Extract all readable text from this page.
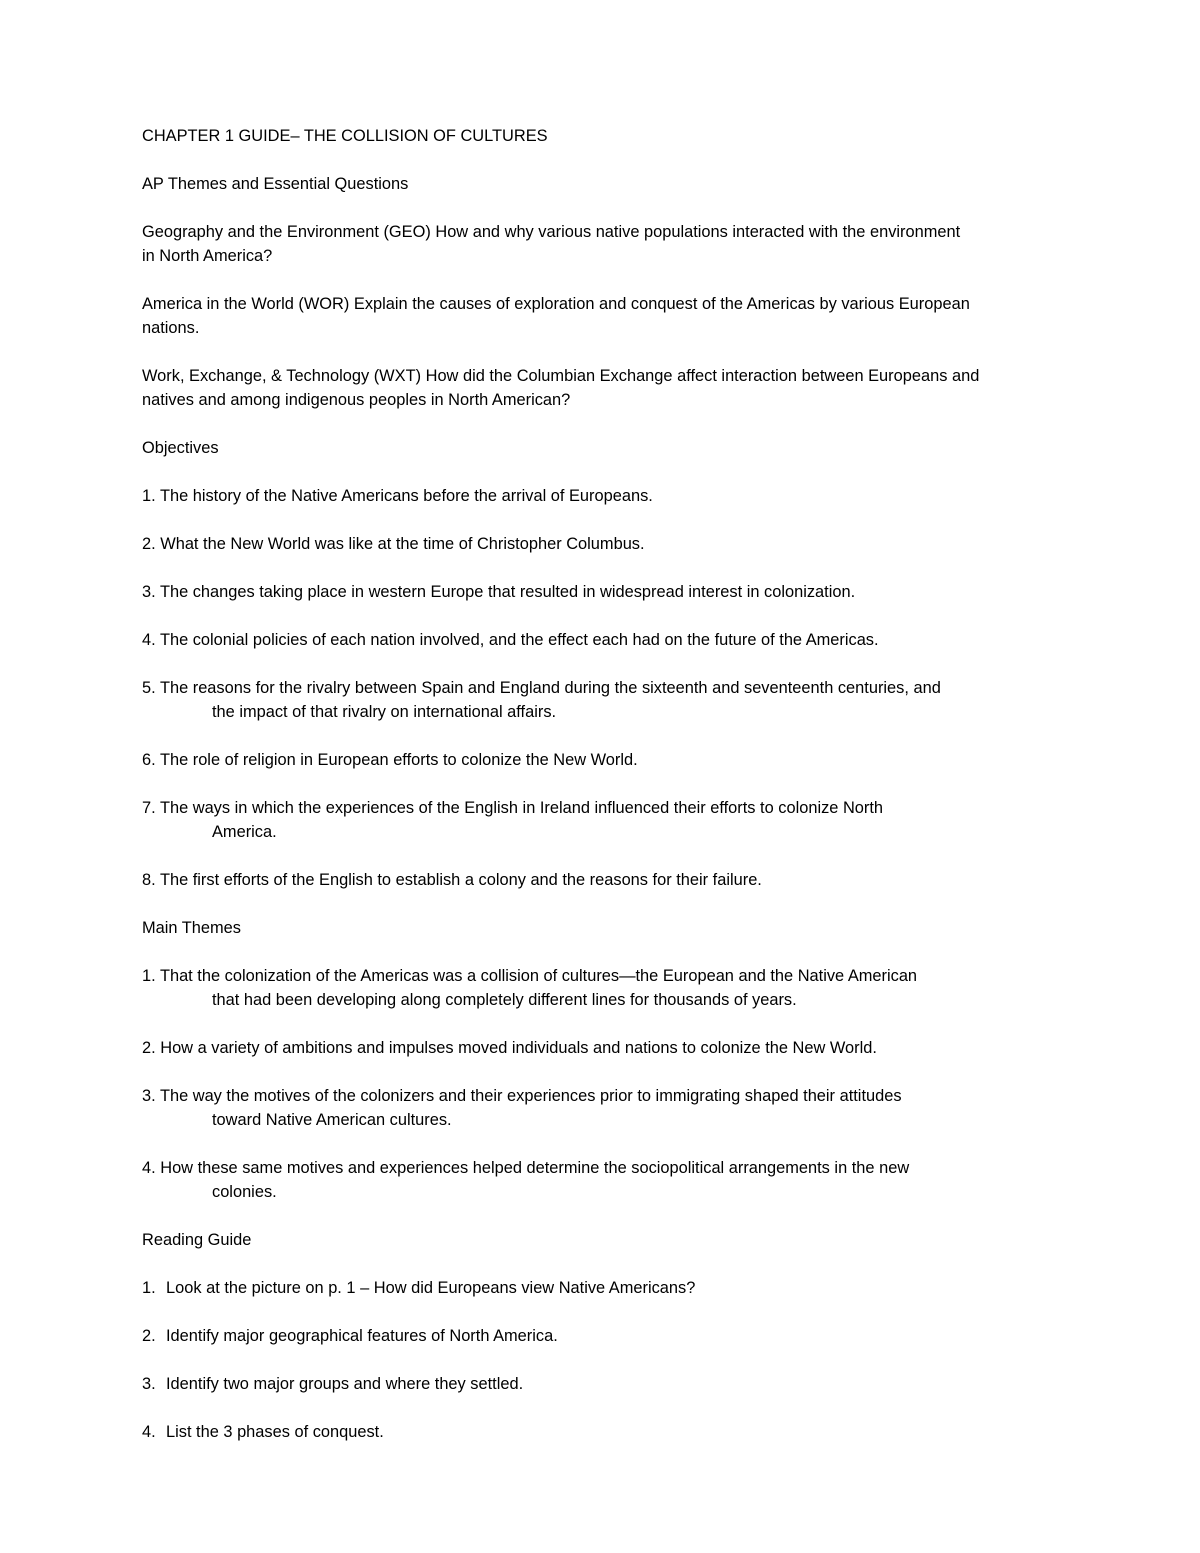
CHAPTER 1 GUIDE– THE COLLISION OF CULTURES

AP Themes and Essential Questions

Geography and the Environment (GEO) How and why various native populations interacted with the environment
in North America?
America in the World (WOR) Explain the causes of exploration and conquest of the Americas by various European
nations.
Work, Exchange, & Technology (WXT) How did the Columbian Exchange affect interaction between Europeans and
natives and among indigenous peoples in North American?

Objectives

1. The history of the Native Americans before the arrival of Europeans.
2. What the New World was like at the time of Christopher Columbus.
3. The changes taking place in western Europe that resulted in widespread interest in colonization.
4. The colonial policies of each nation involved, and the effect each had on the future of the Americas.
5. The reasons for the rivalry between Spain and England during the sixteenth and seventeenth centuries, and
the impact of that rivalry on international affairs.
6. The role of religion in European efforts to colonize the New World.
7. The ways in which the experiences of the English in Ireland influenced their efforts to colonize North
America.
8. The first efforts of the English to establish a colony and the reasons for their failure.

Main Themes

1. That the colonization of the Americas was a collision of cultures—the European and the Native American
that had been developing along completely different lines for thousands of years.
2. How a variety of ambitions and impulses moved individuals and nations to colonize the New World.
3. The way the motives of the colonizers and their experiences prior to immigrating shaped their attitudes
toward Native American cultures.
4. How these same motives and experiences helped determine the sociopolitical arrangements in the new
colonies.

Reading Guide

1. Look at the picture on p. 1 – How did Europeans view Native Americans?
2. Identify major geographical features of North America.
3. Identify two major groups and where they settled.
4. List the 3 phases of conquest.
